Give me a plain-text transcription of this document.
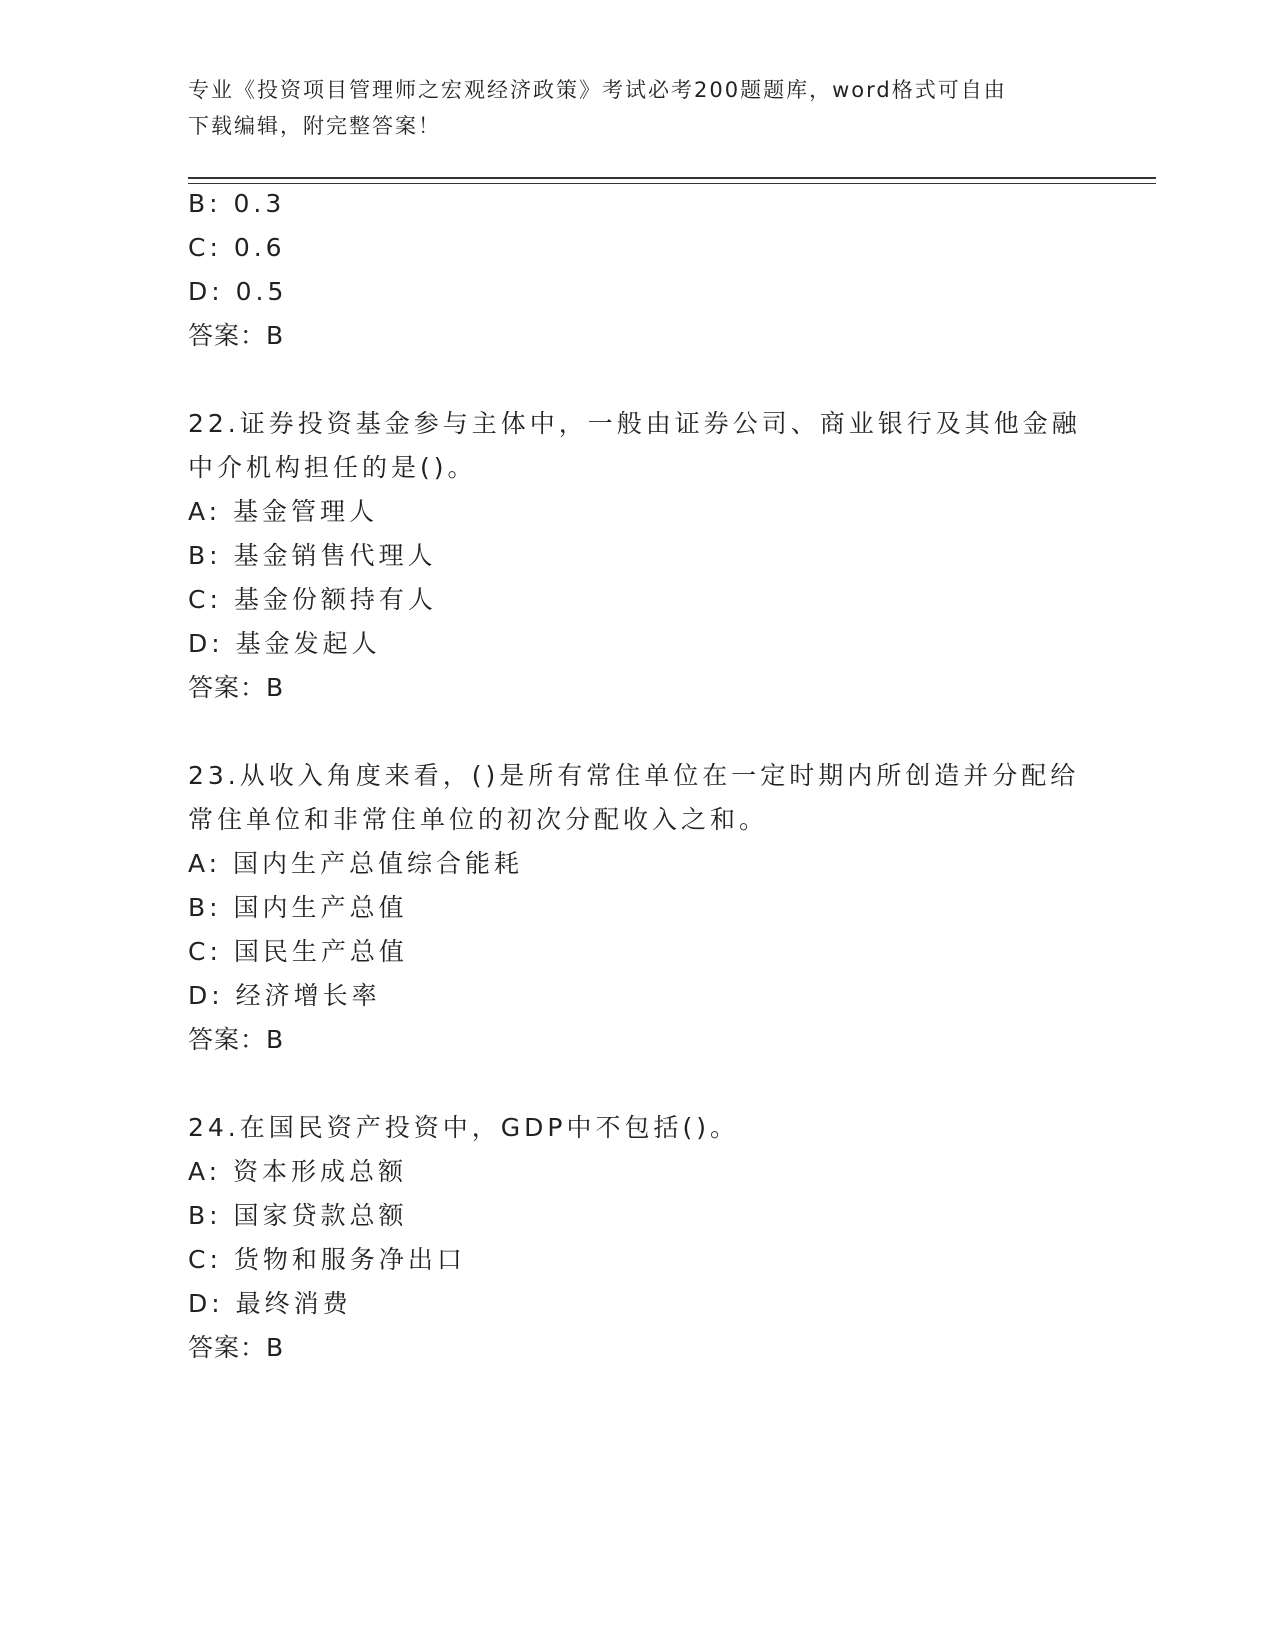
专业《投资项目管理师之宏观经济政策》考试必考200题题库，word格式可自由
下载编辑，附完整答案！
B: 0.3
C: 0.6
D: 0.5
答案：B
22.证券投资基金参与主体中，一般由证券公司、商业银行及其他金融
中介机构担任的是()。
A: 基金管理人
B: 基金销售代理人
C: 基金份额持有人
D: 基金发起人
答案：B
23.从收入角度来看，()是所有常住单位在一定时期内所创造并分配给
常住单位和非常住单位的初次分配收入之和。
A: 国内生产总值综合能耗
B: 国内生产总值
C: 国民生产总值
D: 经济增长率
答案：B
24.在国民资产投资中，GDP中不包括()。
A: 资本形成总额
B: 国家贷款总额
C: 货物和服务净出口
D: 最终消费
答案：B
